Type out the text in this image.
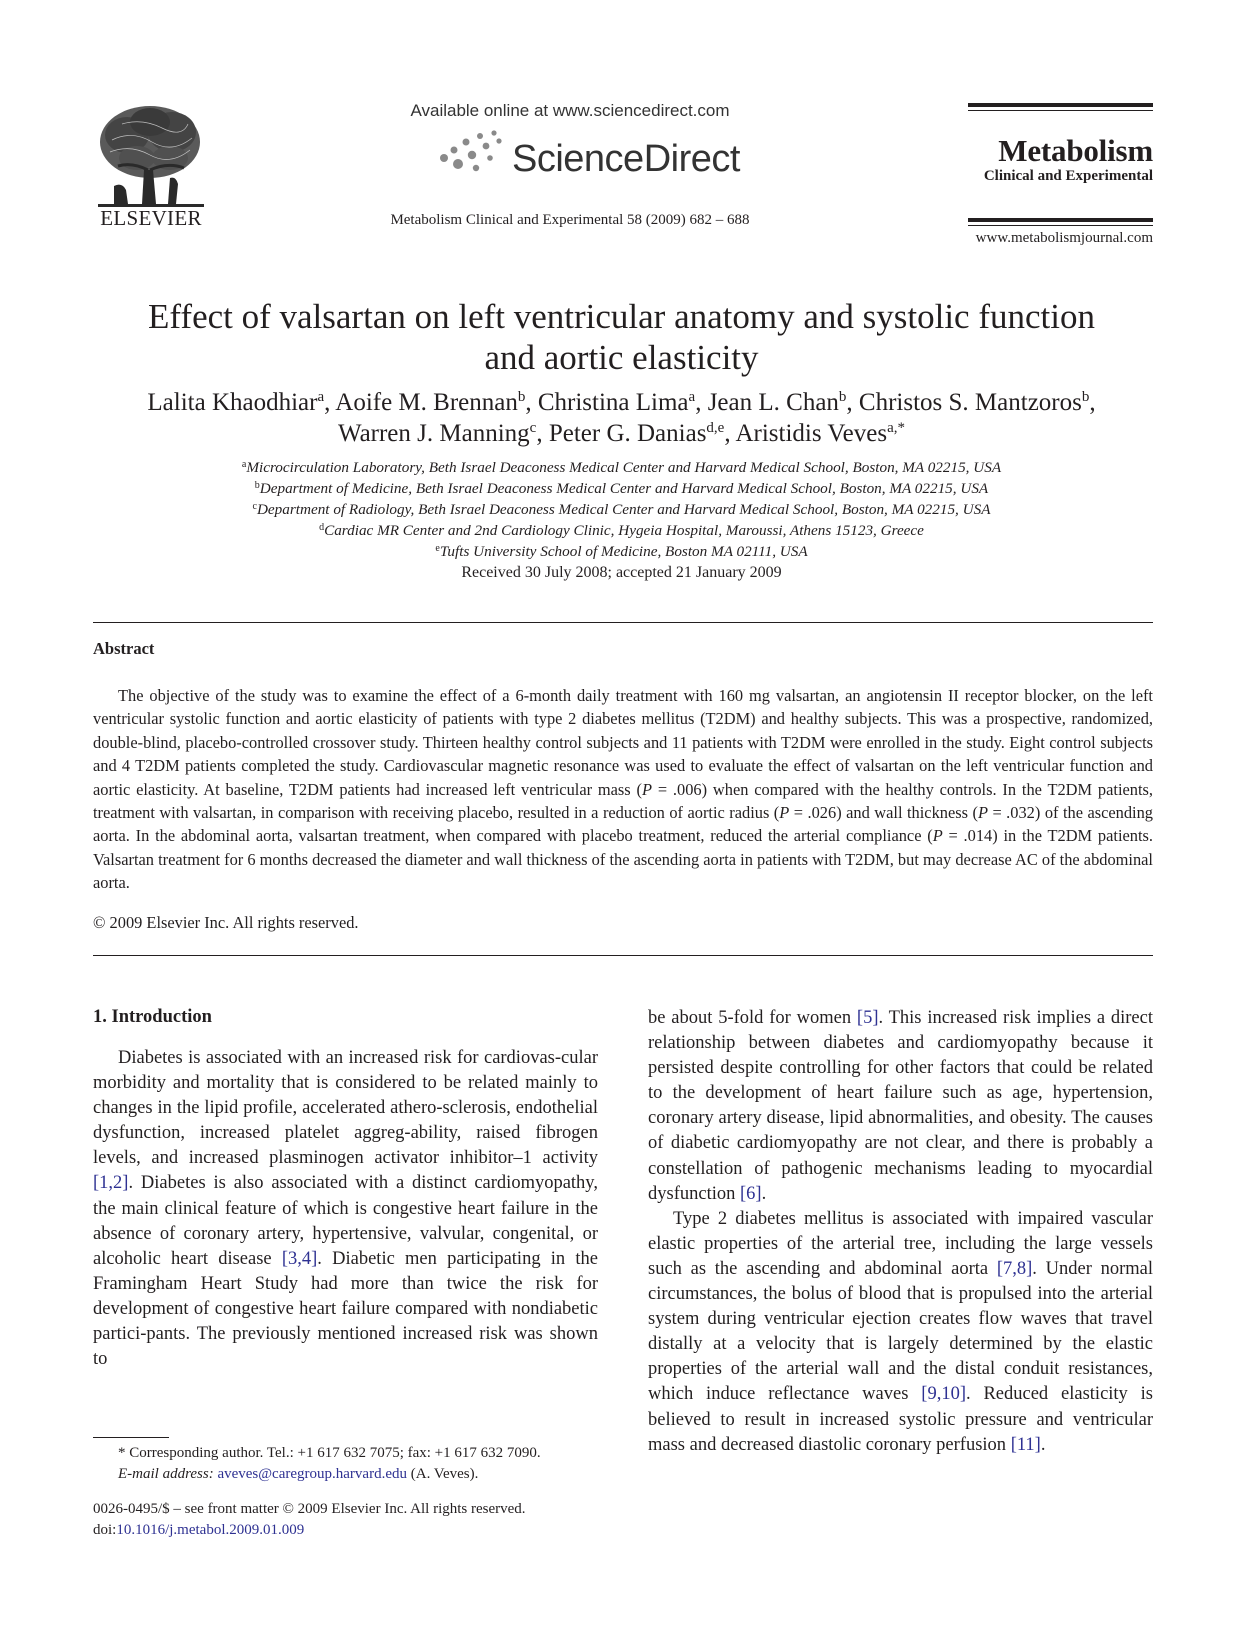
ELSEVIER
Available online at www.sciencedirect.com
ScienceDirect
Metabolism Clinical and Experimental 58 (2009) 682 – 688
Metabolism
Clinical and Experimental
www.metabolismjournal.com
Effect of valsartan on left ventricular anatomy and systolic function
and aortic elasticity
Lalita Khaodhiar$^a$, Aoife M. Brennan$^b$, Christina Lima$^a$, Jean L. Chan$^b$, Christos S. Mantzoros$^b$,
Warren J. Manning$^c$, Peter G. Danias$^{d,e}$, Aristidis Veves$^{a,*}$
$^a$Microcirculation Laboratory, Beth Israel Deaconess Medical Center and Harvard Medical School, Boston, MA 02215, USA
$^b$Department of Medicine, Beth Israel Deaconess Medical Center and Harvard Medical School, Boston, MA 02215, USA
$^c$Department of Radiology, Beth Israel Deaconess Medical Center and Harvard Medical School, Boston, MA 02215, USA
$^d$Cardiac MR Center and 2nd Cardiology Clinic, Hygeia Hospital, Maroussi, Athens 15123, Greece
$^e$Tufts University School of Medicine, Boston MA 02111, USA
Received 30 July 2008; accepted 21 January 2009
Abstract
The objective of the study was to examine the effect of a 6-month daily treatment with 160 mg valsartan, an angiotensin II receptor blocker, on the left ventricular systolic function and aortic elasticity of patients with type 2 diabetes mellitus (T2DM) and healthy subjects. This was a prospective, randomized, double-blind, placebo-controlled crossover study. Thirteen healthy control subjects and 11 patients with T2DM were enrolled in the study. Eight control subjects and 4 T2DM patients completed the study. Cardiovascular magnetic resonance was used to evaluate the effect of valsartan on the left ventricular function and aortic elasticity. At baseline, T2DM patients had increased left ventricular mass (P = .006) when compared with the healthy controls. In the T2DM patients, treatment with valsartan, in comparison with receiving placebo, resulted in a reduction of aortic radius (P = .026) and wall thickness (P = .032) of the ascending aorta. In the abdominal aorta, valsartan treatment, when compared with placebo treatment, reduced the arterial compliance (P = .014) in the T2DM patients. Valsartan treatment for 6 months decreased the diameter and wall thickness of the ascending aorta in patients with T2DM, but may decrease AC of the abdominal aorta.
© 2009 Elsevier Inc. All rights reserved.
1. Introduction

Diabetes is associated with an increased risk for cardiovas-cular morbidity and mortality that is considered to be related mainly to changes in the lipid profile, accelerated athero-sclerosis, endothelial dysfunction, increased platelet aggreg-ability, raised fibrogen levels, and increased plasminogen activator inhibitor–1 activity [1,2]. Diabetes is also associated with a distinct cardiomyopathy, the main clinical feature of which is congestive heart failure in the absence of coronary artery, hypertensive, valvular, congenital, or alcoholic heart disease [3,4]. Diabetic men participating in the Framingham Heart Study had more than twice the risk for development of congestive heart failure compared with nondiabetic partici-pants. The previously mentioned increased risk was shown to

be about 5-fold for women [5]. This increased risk implies a direct relationship between diabetes and cardiomyopathy because it persisted despite controlling for other factors that could be related to the development of heart failure such as age, hypertension, coronary artery disease, lipid abnormalities, and obesity. The causes of diabetic cardiomyopathy are not clear, and there is probably a constellation of pathogenic mechanisms leading to myocardial dysfunction [6].

Type 2 diabetes mellitus is associated with impaired vascular elastic properties of the arterial tree, including the large vessels such as the ascending and abdominal aorta [7,8]. Under normal circumstances, the bolus of blood that is propulsed into the arterial system during ventricular ejection creates flow waves that travel distally at a velocity that is largely determined by the elastic properties of the arterial wall and the distal conduit resistances, which induce reflectance waves [9,10]. Reduced elasticity is believed to result in increased systolic pressure and ventricular mass and decreased diastolic coronary perfusion [11].

* Corresponding author. Tel.: +1 617 632 7075; fax: +1 617 632 7090.
E-mail address: aveves@caregroup.harvard.edu (A. Veves).
0026-0495/$ – see front matter © 2009 Elsevier Inc. All rights reserved.
doi:10.1016/j.metabol.2009.01.009
